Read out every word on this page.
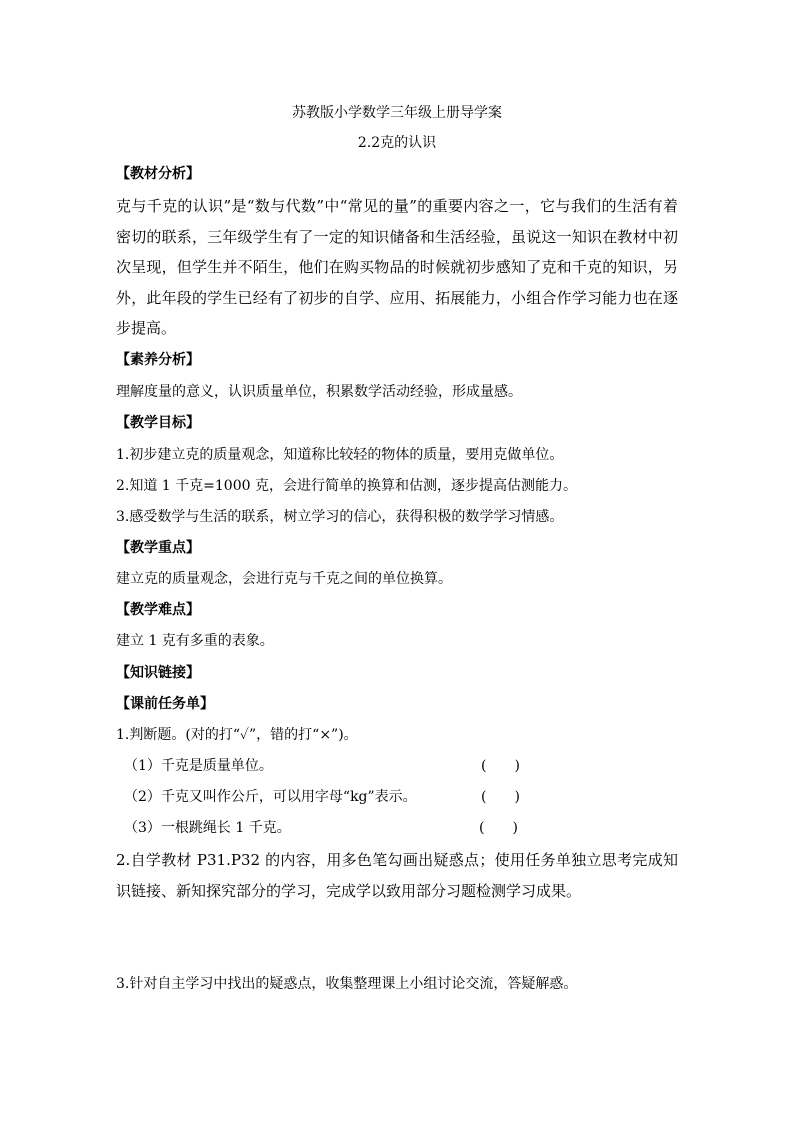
苏教版小学数学三年级上册导学案
2.2克的认识
【教材分析】
克与千克的认识”是“数与代数”中“常见的量”的重要内容之一，它与我们的生活有着密切的联系，三年级学生有了一定的知识储备和生活经验，虽说这一知识在教材中初次呈现，但学生并不陌生，他们在购买物品的时候就初步感知了克和千克的知识，另外，此年段的学生已经有了初步的自学、应用、拓展能力，小组合作学习能力也在逐步提高。
【素养分析】
理解度量的意义，认识质量单位，积累数学活动经验，形成量感。
【教学目标】
1.初步建立克的质量观念，知道称比较轻的物体的质量，要用克做单位。
2.知道 1 千克=1000 克，会进行简单的换算和估测，逐步提高估测能力。
3.感受数学与生活的联系，树立学习的信心，获得积极的数学学习情感。
【教学重点】
建立克的质量观念，会进行克与千克之间的单位换算。
【教学难点】
建立 1 克有多重的表象。
【知识链接】
【课前任务单】
1.判断题。(对的打“✓”，错的打“×”)。
（1）千克是质量单位。	(　　)
（2）千克又叫作公斤，可以用字母“kg”表示。	(　　)
（3）一根跳绳长 1 千克。	(　　)
2.自学教材 P31.P32 的内容，用多色笔勾画出疑惑点；使用任务单独立思考完成知识链接、新知探究部分的学习，完成学以致用部分习题检测学习成果。
3.针对自主学习中找出的疑惑点，收集整理课上小组讨论交流，答疑解惑。
